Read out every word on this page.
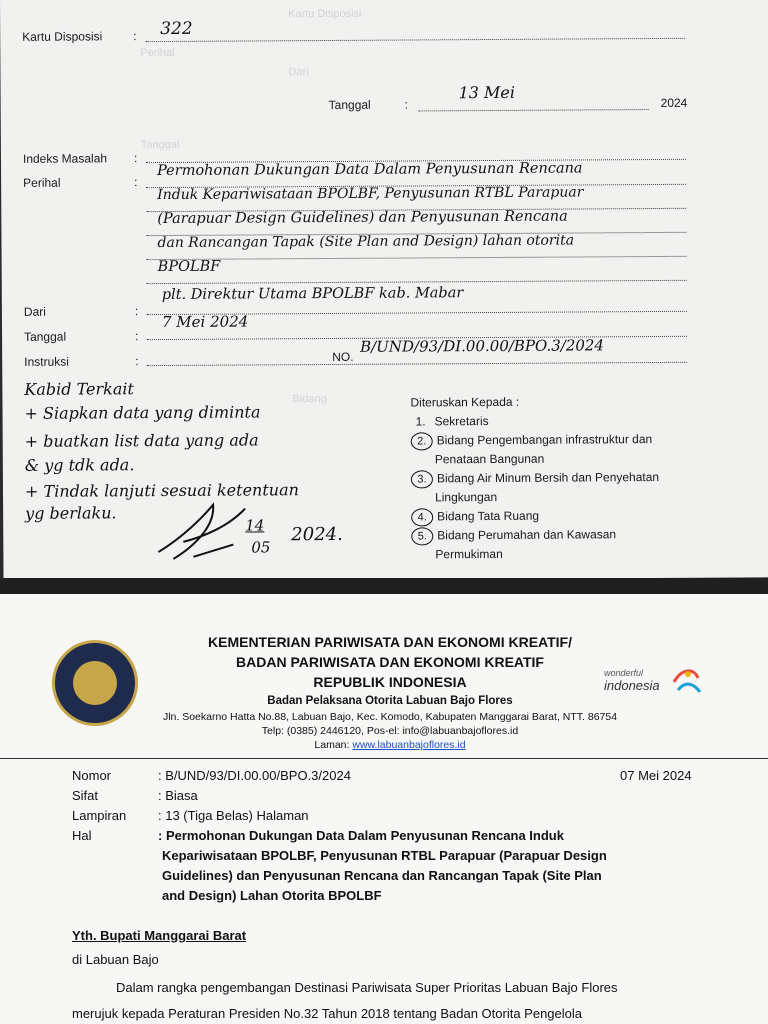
Kartu Disposisi
Perihal
Dari
Tanggal
Bidang
Kartu Disposisi	: 322
Tanggal	:
13 Mei
2024
Indeks Masalah :
Perihal	:
Permohonan Dukungan Data Dalam Penyusunan Rencana
Induk Kepariwisataan BPOLBF, Penyusunan RTBL Parapuar
(Parapuar Design Guidelines) dan Penyusunan Rencana
dan Rancangan Tapak (Site Plan and Design) lahan otorita
BPOLBF
Dari	:
plt. Direktur Utama BPOLBF kab. Mabar
Tanggal	:
7 Mei 2024
Instruksi	:	NO.
B/UND/93/DI.00.00/BPO.3/2024
Kabid Terkait
+ Siapkan data yang diminta
+ buatkan list data yang ada
& yg tdk ada.
+ Tindak lanjuti sesuai ketentuan
yg berlaku.
14
05
2024.
Diteruskan Kepada :
1. Sekretaris
2. Bidang Pengembangan infrastruktur dan
Penataan Bangunan
3. Bidang Air Minum Bersih dan Penyehatan
Lingkungan
4. Bidang Tata Ruang
5. Bidang Perumahan dan Kawasan
Permukiman
KEMENTERIAN PARIWISATA DAN EKONOMI KREATIF/
BADAN PARIWISATA DAN EKONOMI KREATIF
REPUBLIK INDONESIA
Badan Pelaksana Otorita Labuan Bajo Flores
Jln. Soekarno Hatta No.88, Labuan Bajo, Kec. Komodo, Kabupaten Manggarai Barat, NTT. 86754
Telp: (0385) 2446120, Pos-el: info@labuanbajoflores.id
Laman: www.labuanbajoflores.id
wonderful
indonesia
Nomor	: B/UND/93/DI.00.00/BPO.3/2024	07 Mei 2024
Sifat	: Biasa
Lampiran : 13 (Tiga Belas) Halaman
Hal	: Permohonan Dukungan Data Dalam Penyusunan Rencana Induk
Kepariwisataan BPOLBF, Penyusunan RTBL Parapuar (Parapuar Design
Guidelines) dan Penyusunan Rencana dan Rancangan Tapak (Site Plan
and Design) Lahan Otorita BPOLBF
Yth. Bupati Manggarai Barat
di Labuan Bajo
Dalam rangka pengembangan Destinasi Pariwisata Super Prioritas Labuan Bajo Flores
merujuk kepada Peraturan Presiden No.32 Tahun 2018 tentang Badan Otorita Pengelola
